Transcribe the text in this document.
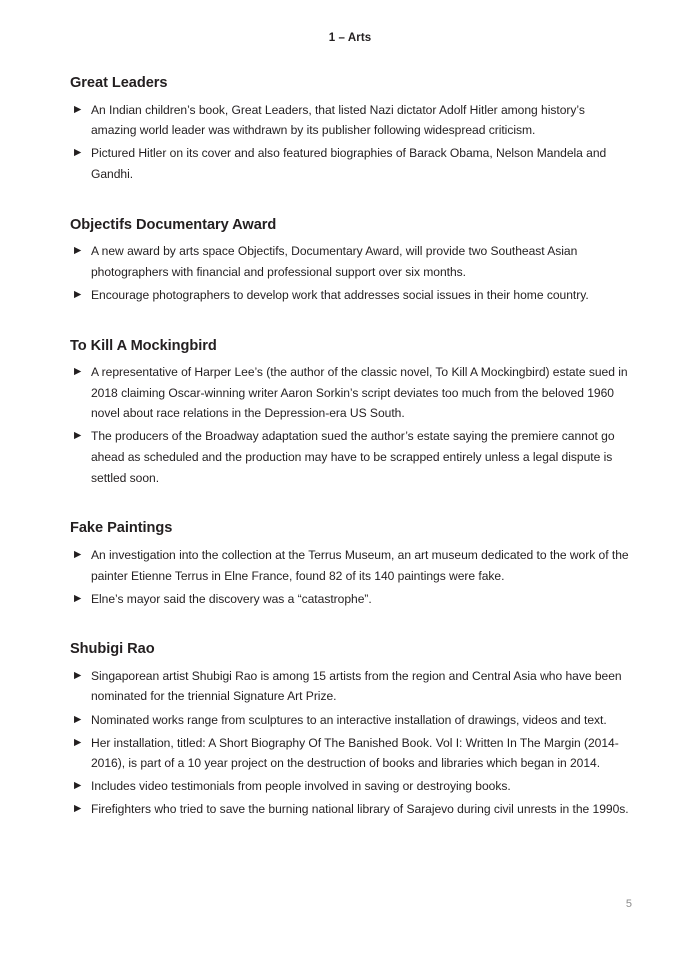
1 – Arts
Great Leaders
▶ An Indian children’s book, Great Leaders, that listed Nazi dictator Adolf Hitler among history’s amazing world leader was withdrawn by its publisher following widespread criticism.
▶ Pictured Hitler on its cover and also featured biographies of Barack Obama, Nelson Mandela and Gandhi.
Objectifs Documentary Award
▶ A new award by arts space Objectifs, Documentary Award, will provide two Southeast Asian photographers with financial and professional support over six months.
▶ Encourage photographers to develop work that addresses social issues in their home country.
To Kill A Mockingbird
▶ A representative of Harper Lee’s (the author of the classic novel, To Kill A Mockingbird) estate sued in 2018 claiming Oscar-winning writer Aaron Sorkin’s script deviates too much from the beloved 1960 novel about race relations in the Depression-era US South.
▶ The producers of the Broadway adaptation sued the author’s estate saying the premiere cannot go ahead as scheduled and the production may have to be scrapped entirely unless a legal dispute is settled soon.
Fake Paintings
▶ An investigation into the collection at the Terrus Museum, an art museum dedicated to the work of the painter Etienne Terrus in Elne France, found 82 of its 140 paintings were fake.
▶ Elne’s mayor said the discovery was a “catastrophe”.
Shubigi Rao
▶ Singaporean artist Shubigi Rao is among 15 artists from the region and Central Asia who have been nominated for the triennial Signature Art Prize.
▶ Nominated works range from sculptures to an interactive installation of drawings, videos and text.
▶ Her installation, titled: A Short Biography Of The Banished Book. Vol I: Written In The Margin (2014-2016), is part of a 10 year project on the destruction of books and libraries which began in 2014.
▶ Includes video testimonials from people involved in saving or destroying books.
▶ Firefighters who tried to save the burning national library of Sarajevo during civil unrests in the 1990s.
5
